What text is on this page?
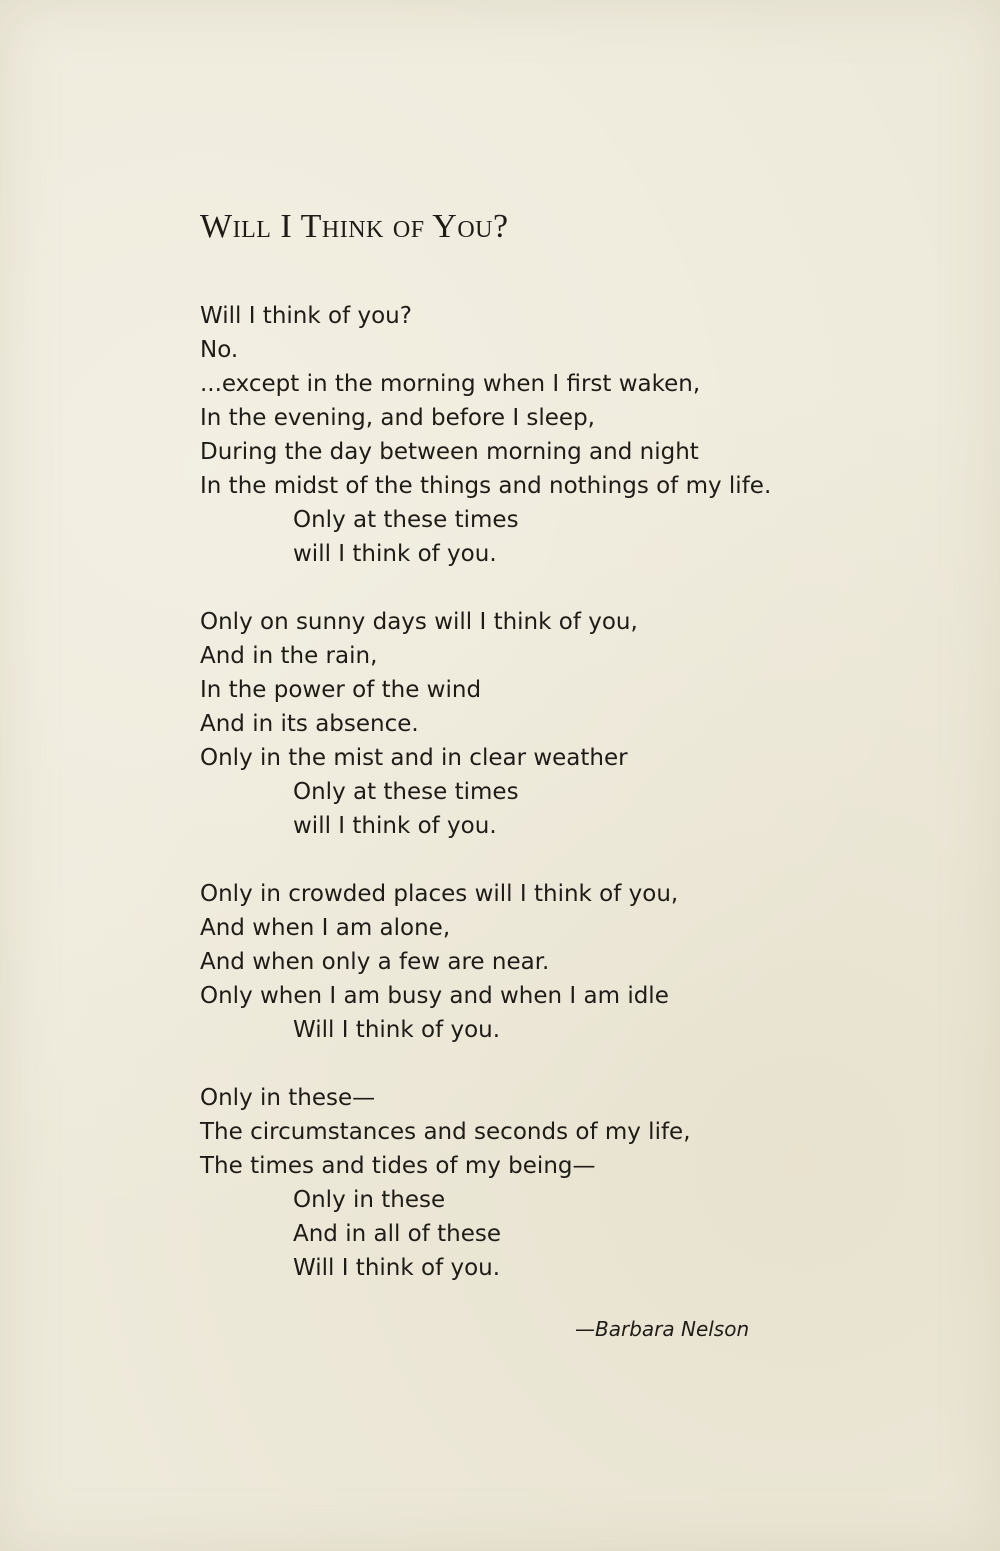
Will I Think of You?
Will I think of you?
No.
...except in the morning when I first waken,
In the evening, and before I sleep,
During the day between morning and night
In the midst of the things and nothings of my life.
Only at these times
will I think of you.
Only on sunny days will I think of you,
And in the rain,
In the power of the wind
And in its absence.
Only in the mist and in clear weather
Only at these times
will I think of you.
Only in crowded places will I think of you,
And when I am alone,
And when only a few are near.
Only when I am busy and when I am idle
Will I think of you.
Only in these—
The circumstances and seconds of my life,
The times and tides of my being—
Only in these
And in all of these
Will I think of you.
—Barbara Nelson
